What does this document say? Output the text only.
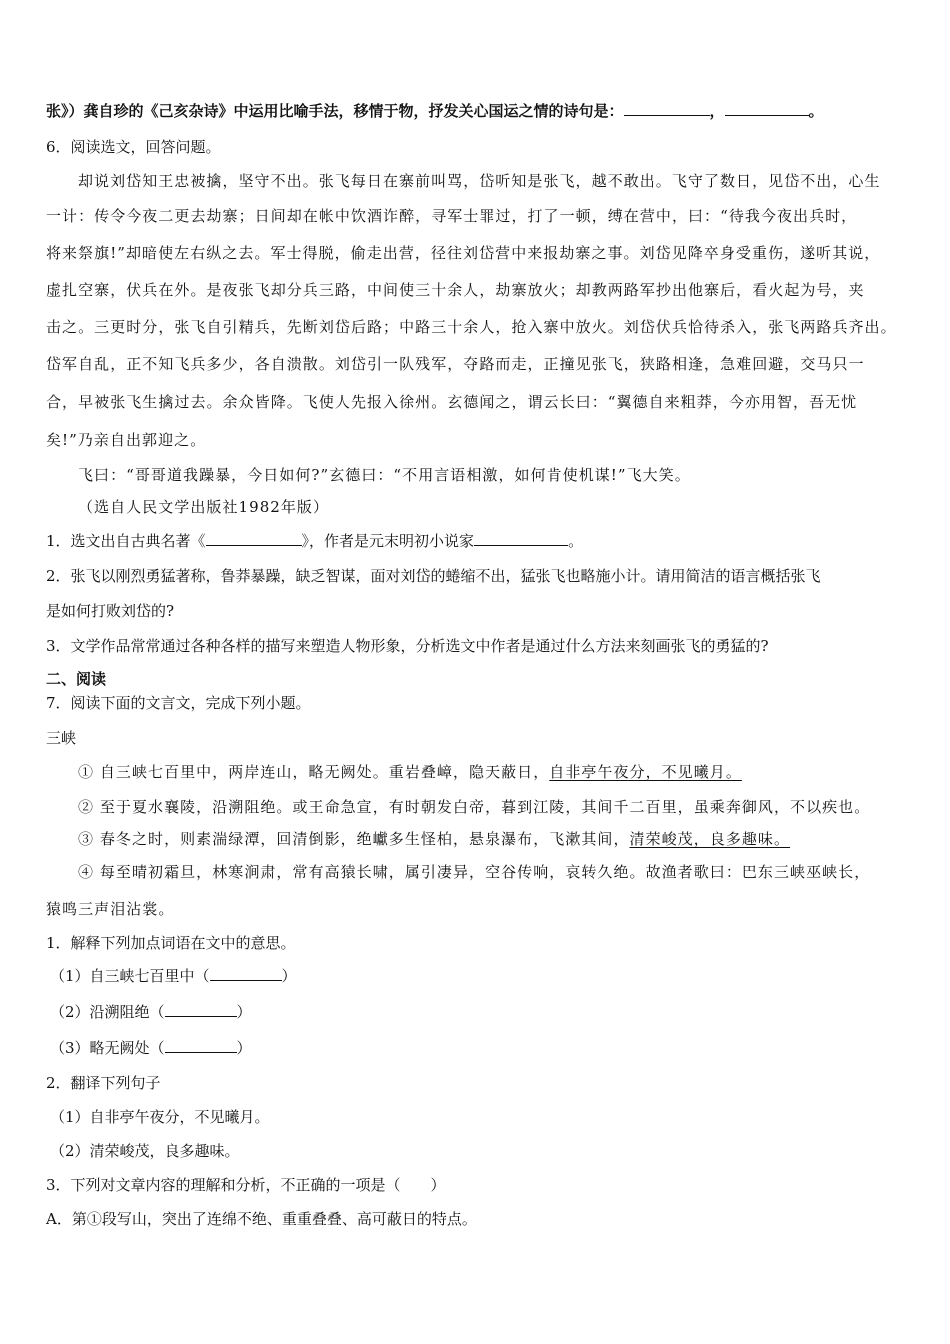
张》）龚自珍的《己亥杂诗》中运用比喻手法，移情于物，抒发关心国运之情的诗句是：	，	。
6．阅读选文，回答问题。
却说刘岱知王忠被擒，坚守不出。张飞每日在寨前叫骂，岱听知是张飞，越不敢出。飞守了数日，见岱不出，心生
一计：传令今夜二更去劫寨；日间却在帐中饮酒诈醉，寻军士罪过，打了一顿，缚在营中，曰：“待我今夜出兵时，
将来祭旗!”却暗使左右纵之去。军士得脱，偷走出营，径往刘岱营中来报劫寨之事。刘岱见降卒身受重伤，遂听其说，
虚扎空寨，伏兵在外。是夜张飞却分兵三路，中间使三十余人，劫寨放火；却教两路军抄出他寨后，看火起为号，夹
击之。三更时分，张飞自引精兵，先断刘岱后路；中路三十余人，抢入寨中放火。刘岱伏兵恰待杀入，张飞两路兵齐出。
岱军自乱，正不知飞兵多少，各自溃散。刘岱引一队残军，夺路而走，正撞见张飞，狭路相逢，急难回避，交马只一
合，早被张飞生擒过去。余众皆降。飞使人先报入徐州。玄德闻之，谓云长曰：“翼德自来粗莽，今亦用智，吾无忧
矣!”乃亲自出郭迎之。
飞曰：“哥哥道我躁暴，今日如何?”玄德曰：“不用言语相激，如何肯使机谋!”飞大笑。
（选自人民文学出版社1982年版）
1．选文出自古典名著《	》，作者是元末明初小说家	。
2．张飞以刚烈勇猛著称，鲁莽暴躁，缺乏智谋，面对刘岱的蜷缩不出，猛张飞也略施小计。请用简洁的语言概括张飞
是如何打败刘岱的?
3．文学作品常常通过各种各样的描写来塑造人物形象，分析选文中作者是通过什么方法来刻画张飞的勇猛的?
二、阅读
7．阅读下面的文言文，完成下列小题。
三峡
① 自三峡七百里中，两岸连山，略无阙处。重岩叠嶂，隐天蔽日，自非亭午夜分，不见曦月。
② 至于夏水襄陵，沿溯阻绝。或王命急宣，有时朝发白帝，暮到江陵，其间千二百里，虽乘奔御风，不以疾也。
③ 春冬之时，则素湍绿潭，回清倒影，绝巘多生怪柏，悬泉瀑布，飞漱其间，清荣峻茂，良多趣味。
④ 每至晴初霜旦，林寒涧肃，常有高猿长啸，属引凄异，空谷传响，哀转久绝。故渔者歌曰：巴东三峡巫峡长，
猿鸣三声泪沾裳。
1．解释下列加点词语在文中的意思。
（1）自三峡七百里中（	）
（2）沿溯阻绝（	）
（3）略无阙处（	）
2．翻译下列句子
（1）自非亭午夜分，不见曦月。
（2）清荣峻茂，良多趣味。
3．下列对文章内容的理解和分析，不正确的一项是（　　）
A．第①段写山，突出了连绵不绝、重重叠叠、高可蔽日的特点。
